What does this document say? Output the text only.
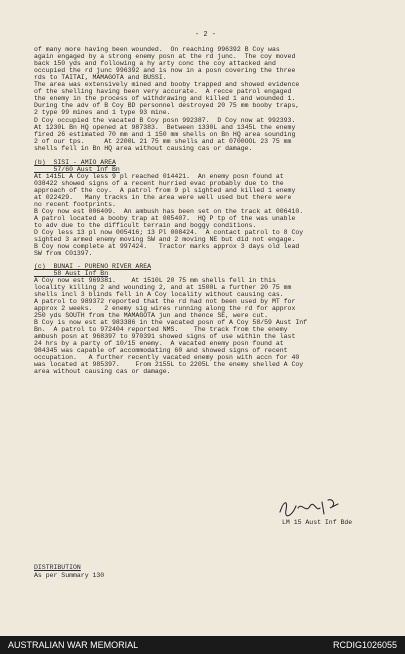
- 2 -
of many more having been wounded.  On reaching 996392 B Coy was
again engaged by a strong enemy posn at the rd junc.  The coy moved
back 150 yds and following a hy arty conc the coy attacked and
occupied the rd junc 996392 and is now in a posn covering the three
rds to TAITAI, MAMAGOTA and BUSSI.
The area was extensively mined and booby trapped and showed evidence
of the shelling having been very accurate.  A recce patrol engaged
the enemy in the process of withdrawing and killed 1 and wounded 1.
During the adv of B Coy BD personnel destroyed 20 75 mm booby traps,
2 type 99 mines and 1 type 93 mine.
D Coy occupied the vacated B Coy posn 992387.  D Coy now at 992393.
At 1230L Bn HQ opened at 987383.  Between 1330L and 1345L the enemy
fired 26 estimated 70 mm and 1 150 mm shells on Bn HQ area sounding
2 of our tps.     At 2200L 21 75 mm shells and at 0700OOL 23 75 mm
shells fell in Bn HQ area without causing cas or damage.
(b)  SISI - AMIO AREA
57/60 Aust Inf Bn
At 1415L A Coy less 9 pl reached 014421.  An enemy posn found at
038422 showed signs of a recent hurried evac probably due to the
approach of the coy.  A patrol from 9 pl sighted and killed 1 enemy
at 022429.   Many tracks in the area were well used but there were
no recent footprints.
B Coy now est 006409.  An ambush has been set on the track at 006410.
A patrol located a booby trap at 005407.  HQ P tp of the was unable
to adv due to the difficult terrain and boggy conditions.
D Coy less 13 pl now 005416; 13 Pl 008424.  A contact patrol to 8 Coy
sighted 3 armed enemy moving SW and 2 moving NE but did not engage.
B Coy now complete at 997424.   Tractor marks approx 3 days old lead
SW from C01397.
(c)  BUNAI - PURENO RIVER AREA
58 Aust Inf Bn
A Coy now est 969381.    At 1510L 20 75 mm shells fell in this
locality killing 2 and wounding 2, and at 1500L a further 20 75 mm
shells incl 3 blinds fell in A Coy locality without causing cas.
A patrol to 989372 reported that the rd had not been used by MT for
approx 2 weeks.   2 enemy sig wires running along the rd for approx
250 yds SOUTH from the MAMAGOTA jun and thence SE, were cut.
B Coy is now est at 983386 in the vacated posn of A Coy 58/59 Aust Inf
Bn.  A patrol to 972404 reported NMS.    The track from the enemy
ambush posn at 968397 to 970391 showed signs of use within the last
24 hrs by a party of 10/15 enemy.  A vacated enemy posn found at
984345 was capable of accommodating 60 and showed signs of recent
occupation.   A further recently vacated enemy posn with accn for 40
was located at 985397.    From 2155L to 2205L the enemy shelled A Coy
area without causing cas or damage.
LM 15 Aust Inf Bde
DISTRIBUTION
As per Summary 130
AUSTRALIAN WAR MEMORIAL	RCDIG1026055
